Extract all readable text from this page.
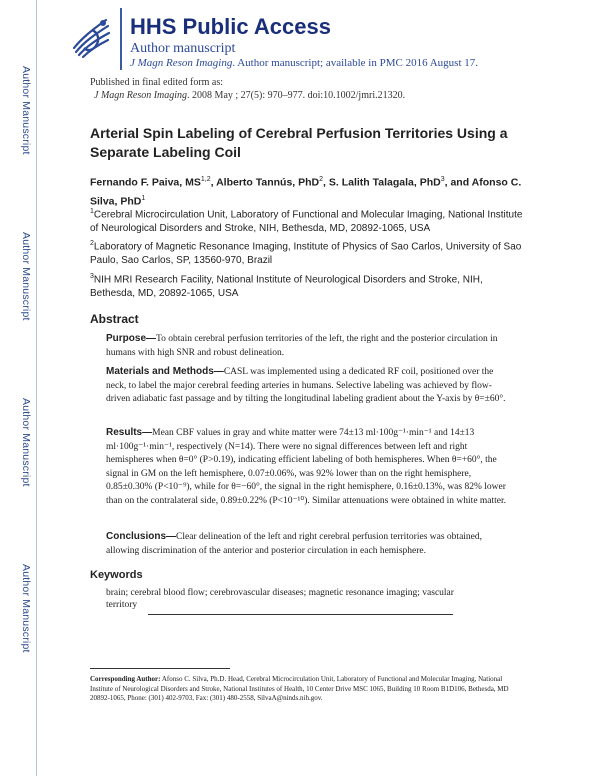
Author Manuscript
Author Manuscript
Author Manuscript
Author Manuscript
HHS Public Access
Author manuscript
J Magn Reson Imaging. Author manuscript; available in PMC 2016 August 17.
Published in final edited form as:
J Magn Reson Imaging. 2008 May ; 27(5): 970–977. doi:10.1002/jmri.21320.
Arterial Spin Labeling of Cerebral Perfusion Territories Using a Separate Labeling Coil
Fernando F. Paiva, MS$^{1,2}$, Alberto Tannús, PhD$^2$, S. Lalith Talagala, PhD$^3$, and Afonso C. Silva, PhD$^1$
$^1$Cerebral Microcirculation Unit, Laboratory of Functional and Molecular Imaging, National Institute of Neurological Disorders and Stroke, NIH, Bethesda, MD, 20892-1065, USA
$^2$Laboratory of Magnetic Resonance Imaging, Institute of Physics of Sao Carlos, University of Sao Paulo, Sao Carlos, SP, 13560-970, Brazil
$^3$NIH MRI Research Facility, National Institute of Neurological Disorders and Stroke, NIH, Bethesda, MD, 20892-1065, USA
Abstract

Purpose—To obtain cerebral perfusion territories of the left, the right and the posterior circulation in humans with high SNR and robust delineation.

Materials and Methods—CASL was implemented using a dedicated RF coil, positioned over the neck, to label the major cerebral feeding arteries in humans. Selective labeling was achieved by flow-driven adiabatic fast passage and by tilting the longitudinal labeling gradient about the Y-axis by θ=±60°.

Results—Mean CBF values in gray and white matter were 74±13 ml·100g⁻¹·min⁻¹ and 14±13 ml·100g⁻¹·min⁻¹, respectively (N=14). There were no signal differences between left and right hemispheres when θ=0° (P>0.19), indicating efficient labeling of both hemispheres. When θ=+60°, the signal in GM on the left hemisphere, 0.07±0.06%, was 92% lower than on the right hemisphere, 0.85±0.30% (P<10⁻⁹), while for θ=−60°, the signal in the right hemisphere, 0.16±0.13%, was 82% lower than on the contralateral side, 0.89±0.22% (P<10⁻¹⁰). Similar attenuations were obtained in white matter.

Conclusions—Clear delineation of the left and right cerebral perfusion territories was obtained, allowing discrimination of the anterior and posterior circulation in each hemisphere.

Keywords
brain; cerebral blood flow; cerebrovascular diseases; magnetic resonance imaging; vascular territory
Corresponding Author: Afonso C. Silva, Ph.D. Head, Cerebral Microcirculation Unit, Laboratory of Functional and Molecular Imaging, National Institute of Neurological Disorders and Stroke, National Institutes of Health, 10 Center Drive MSC 1065, Building 10 Room B1D106, Bethesda, MD 20892-1065, Phone: (301) 402-9703, Fax: (301) 480-2558, SilvaA@ninds.nih.gov.
